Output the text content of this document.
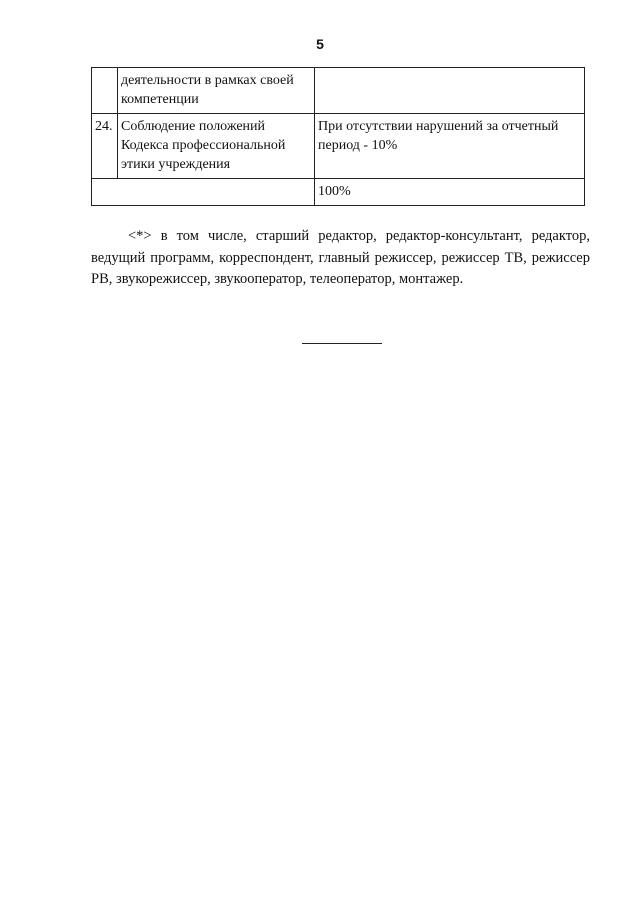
5
	деятельности в рамках своей компетенции	
24.	Соблюдение положений Кодекса профессиональной этики учреждения	При отсутствии нарушений за отчетный период - 10%
		100%

<*> в том числе, старший редактор, редактор-консультант, редактор, ведущий программ, корреспондент, главный режиссер, режиссер ТВ, режиссер РВ, звукорежиссер, звукооператор, телеоператор, монтажер.
